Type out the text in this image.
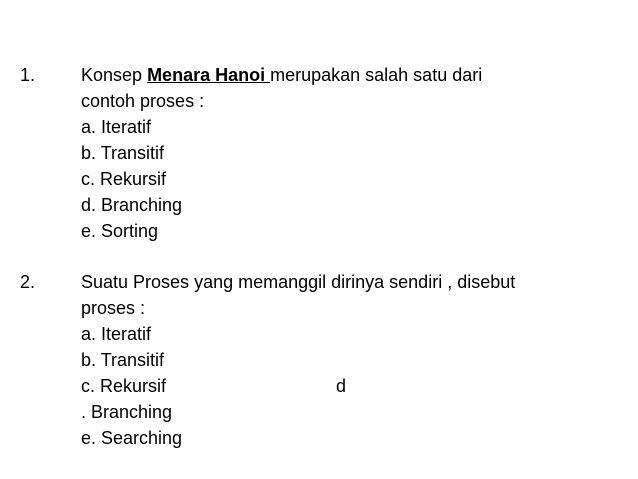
1.	Konsep Menara Hanoi merupakan salah satu dari
contoh proses :
a. Iteratif
b. Transitif
c. Rekursif
d. Branching
e. Sorting
2.	Suatu Proses yang memanggil dirinya sendiri , disebut
proses :
a. Iteratif
b. Transitif
c. Rekursif	d
. Branching
e. Searching
